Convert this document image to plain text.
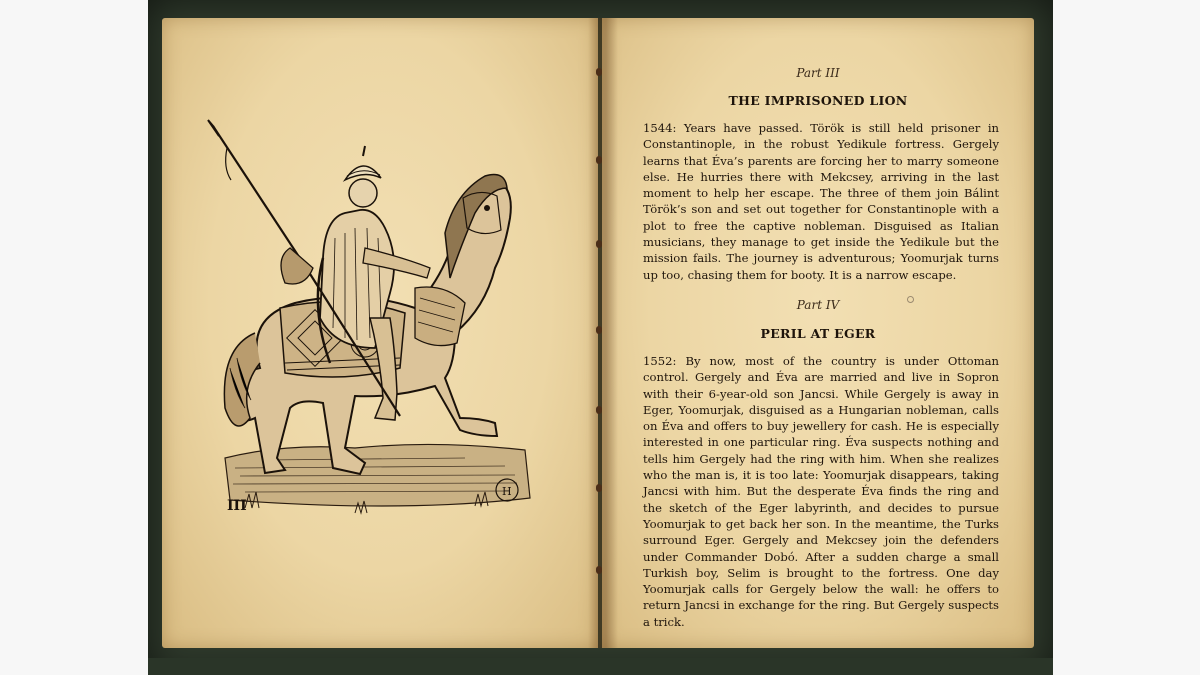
III
H
Part III
THE IMPRISONED LION
1544: Years have passed. Török is still held prisoner in Constantinople, in the robust Yedikule fortress. Gergely learns that Éva’s parents are forcing her to marry someone else. He hurries there with Mekcsey, arriving in the last moment to help her escape. The three of them join Bálint Török’s son and set out together for Constantinople with a plot to free the captive nobleman. Disguised as Italian musicians, they manage to get inside the Yedikule but the mission fails. The journey is adventurous; Yoomurjak turns up too, chasing them for booty. It is a narrow escape.
Part IV
PERIL AT EGER
1552: By now, most of the country is under Ottoman control. Gergely and Éva are married and live in Sopron with their 6-year-old son Jancsi. While Gergely is away in Eger, Yoomurjak, disguised as a Hungarian nobleman, calls on Éva and offers to buy jewellery for cash. He is especially interested in one particular ring. Éva suspects nothing and tells him Gergely had the ring with him. When she realizes who the man is, it is too late: Yoomurjak disappears, taking Jancsi with him. But the desperate Éva finds the ring and the sketch of the Eger labyrinth, and decides to pursue Yoomurjak to get back her son. In the meantime, the Turks surround Eger. Gergely and Mekcsey join the defenders under Commander Dobó. After a sudden charge a small Turkish boy, Selim is brought to the fortress. One day Yoomurjak calls for Gergely below the wall: he offers to return Jancsi in exchange for the ring. But Gergely suspects a trick.
